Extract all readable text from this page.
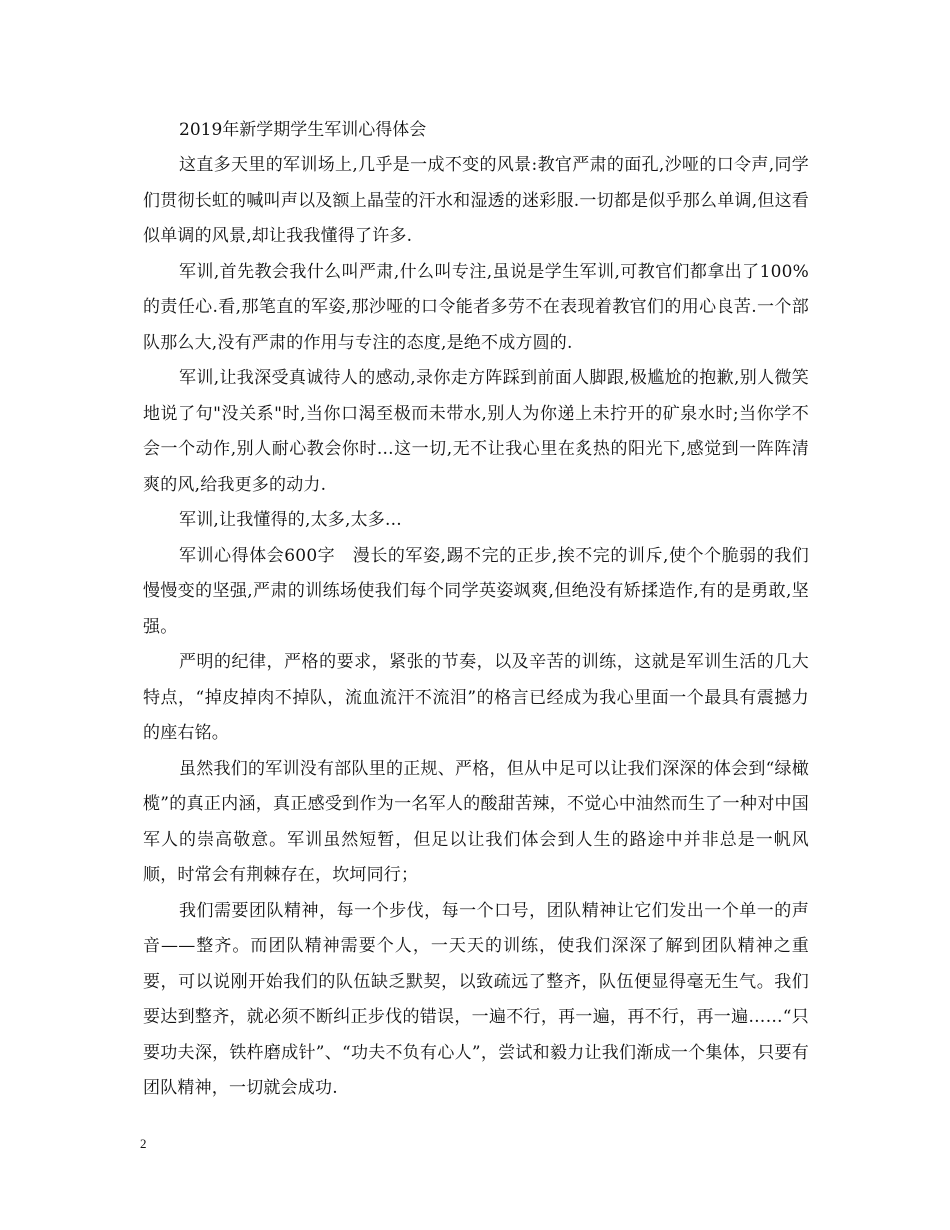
2019年新学期学生军训心得体会

这直多天里的军训场上,几乎是一成不变的风景:教官严肃的面孔,沙哑的口令声,同学们贯彻长虹的喊叫声以及额上晶莹的汗水和湿透的迷彩服.一切都是似乎那么单调,但这看似单调的风景,却让我我懂得了许多.

军训,首先教会我什么叫严肃,什么叫专注,虽说是学生军训,可教官们都拿出了100%的责任心.看,那笔直的军姿,那沙哑的口令能者多劳不在表现着教官们的用心良苦.一个部队那么大,没有严肃的作用与专注的态度,是绝不成方圆的.

军训,让我深受真诚待人的感动,录你走方阵踩到前面人脚跟,极尴尬的抱歉,别人微笑地说了句"没关系"时,当你口渴至极而未带水,别人为你递上未拧开的矿泉水时;当你学不会一个动作,别人耐心教会你时...这一切,无不让我心里在炙热的阳光下,感觉到一阵阵清爽的风,给我更多的动力.

军训,让我懂得的,太多,太多...

军训心得体会600字　漫长的军姿,踢不完的正步,挨不完的训斥,使个个脆弱的我们慢慢变的坚强,严肃的训练场使我们每个同学英姿飒爽,但绝没有矫揉造作,有的是勇敢,坚强。

严明的纪律，严格的要求，紧张的节奏，以及辛苦的训练，这就是军训生活的几大特点，“掉皮掉肉不掉队，流血流汗不流泪”的格言已经成为我心里面一个最具有震撼力的座右铭。

虽然我们的军训没有部队里的正规、严格，但从中足可以让我们深深的体会到“绿橄榄”的真正内涵，真正感受到作为一名军人的酸甜苦辣，不觉心中油然而生了一种对中国军人的崇高敬意。军训虽然短暂，但足以让我们体会到人生的路途中并非总是一帆风顺，时常会有荆棘存在，坎坷同行；

我们需要团队精神，每一个步伐，每一个口号，团队精神让它们发出一个单一的声音——整齐。而团队精神需要个人，一天天的训练，使我们深深了解到团队精神之重要，可以说刚开始我们的队伍缺乏默契，以致疏远了整齐，队伍便显得毫无生气。我们要达到整齐，就必须不断纠正步伐的错误，一遍不行，再一遍，再不行，再一遍……“只要功夫深，铁杵磨成针”、“功夫不负有心人”，尝试和毅力让我们渐成一个集体，只要有团队精神，一切就会成功.

2
